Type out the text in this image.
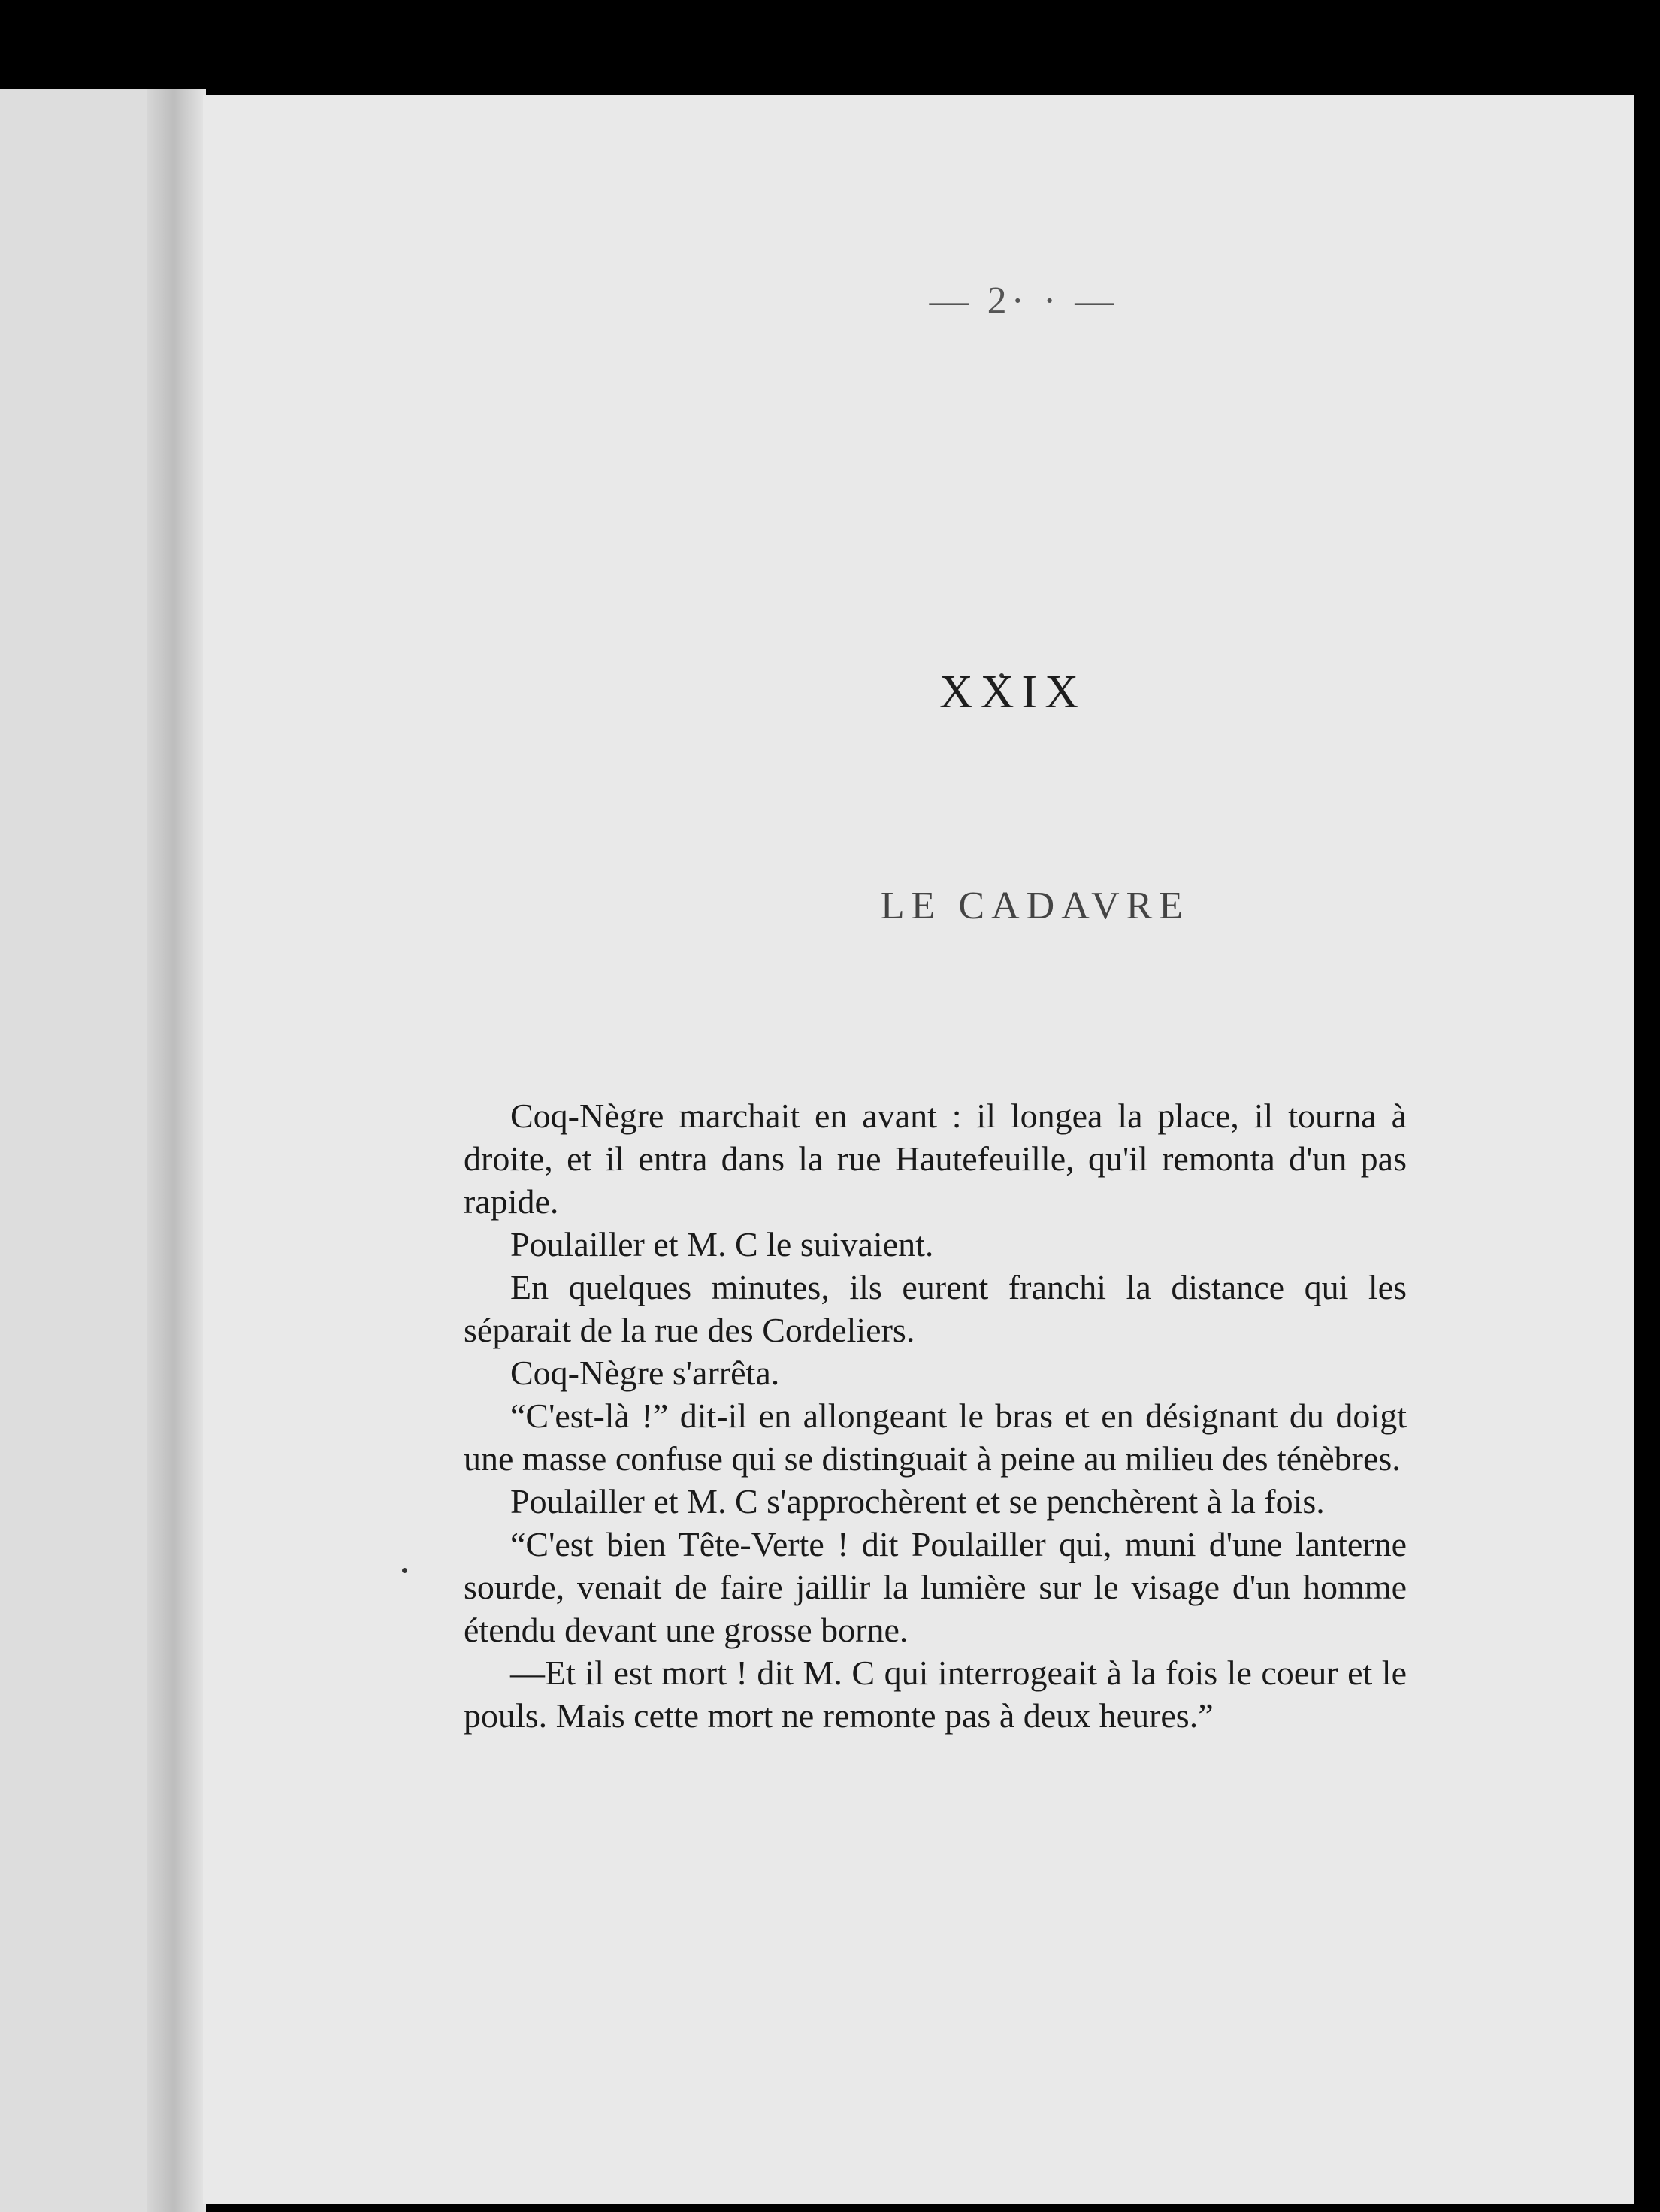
— 2· · —
XXIX
LE CADAVRE

Coq-Nègre marchait en avant : il longea la place, il tourna à droite, et il entra dans la rue Hautefeuille, qu'il remonta d'un pas rapide.

Poulailler et M. C le suivaient.

En quelques minutes, ils eurent franchi la distance qui les séparait de la rue des Cordeliers.

Coq-Nègre s'arrêta.

“C'est-là !” dit-il en allongeant le bras et en désignant du doigt une masse confuse qui se distinguait à peine au milieu des ténèbres.

Poulailler et M. C s'approchèrent et se penchèrent à la fois.

“C'est bien Tête-Verte ! dit Poulailler qui, muni d'une lanterne sourde, venait de faire jaillir la lumière sur le visage d'un homme étendu devant une grosse borne.

—Et il est mort ! dit M. C qui interrogeait à la fois le coeur et le pouls. Mais cette mort ne remonte pas à deux heures.”
